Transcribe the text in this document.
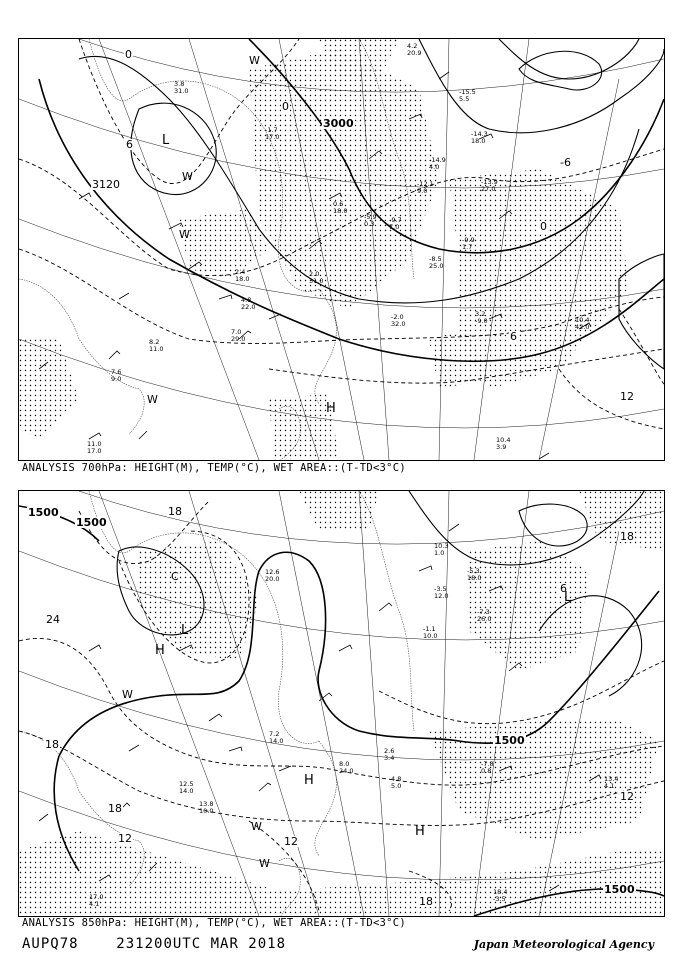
3000
3120
0
-6
0
12
6
0
6 L
H
W
W
W
W
4.2
20.9
-1.7
17.0
3.8
31.0	-15.5
5.5
-14.3
18.0
-14.9
4.0
-12.1
9.0
-13.9
27.0
0.6
18.0
-5.9
0.3	-9.7
7.0
-8.5
25.0
-9.9
1.7
2.0
31.0
2.4
18.0
4.8
22.0
7.0
29.0
-2.0
32.0
3.2
-9.0	10.4
42.0
10.4
3.9
8.2
11.0
7.6
9.0
11.0
17.0
ANALYSIS 700hPa: HEIGHT(M), TEMP(°C), WET AREA::(T-TD<3°C)
1500
1500
1500
1500
18
24
18
18
12	12
18
6
12
18
L
L
C
H
H
H
W
W
W
12.6
20.0
10.3
1.0
-5.3
18.0
-3.5
12.0
-1.1
10.0
-7.3
26.0
2.6
3.4
4.8
5.0
-7.8
0.8
12.5
14.0
13.8
10.0
13.4
4.1
17.0
4.1
18.4
-3.5
7.2
14.0
8.0
24.0
ANALYSIS 850hPa: HEIGHT(M), TEMP(°C), WET AREA::(T-TD<3°C)
AUPQ78	231200UTC MAR 2018	Japan Meteorological Agency
